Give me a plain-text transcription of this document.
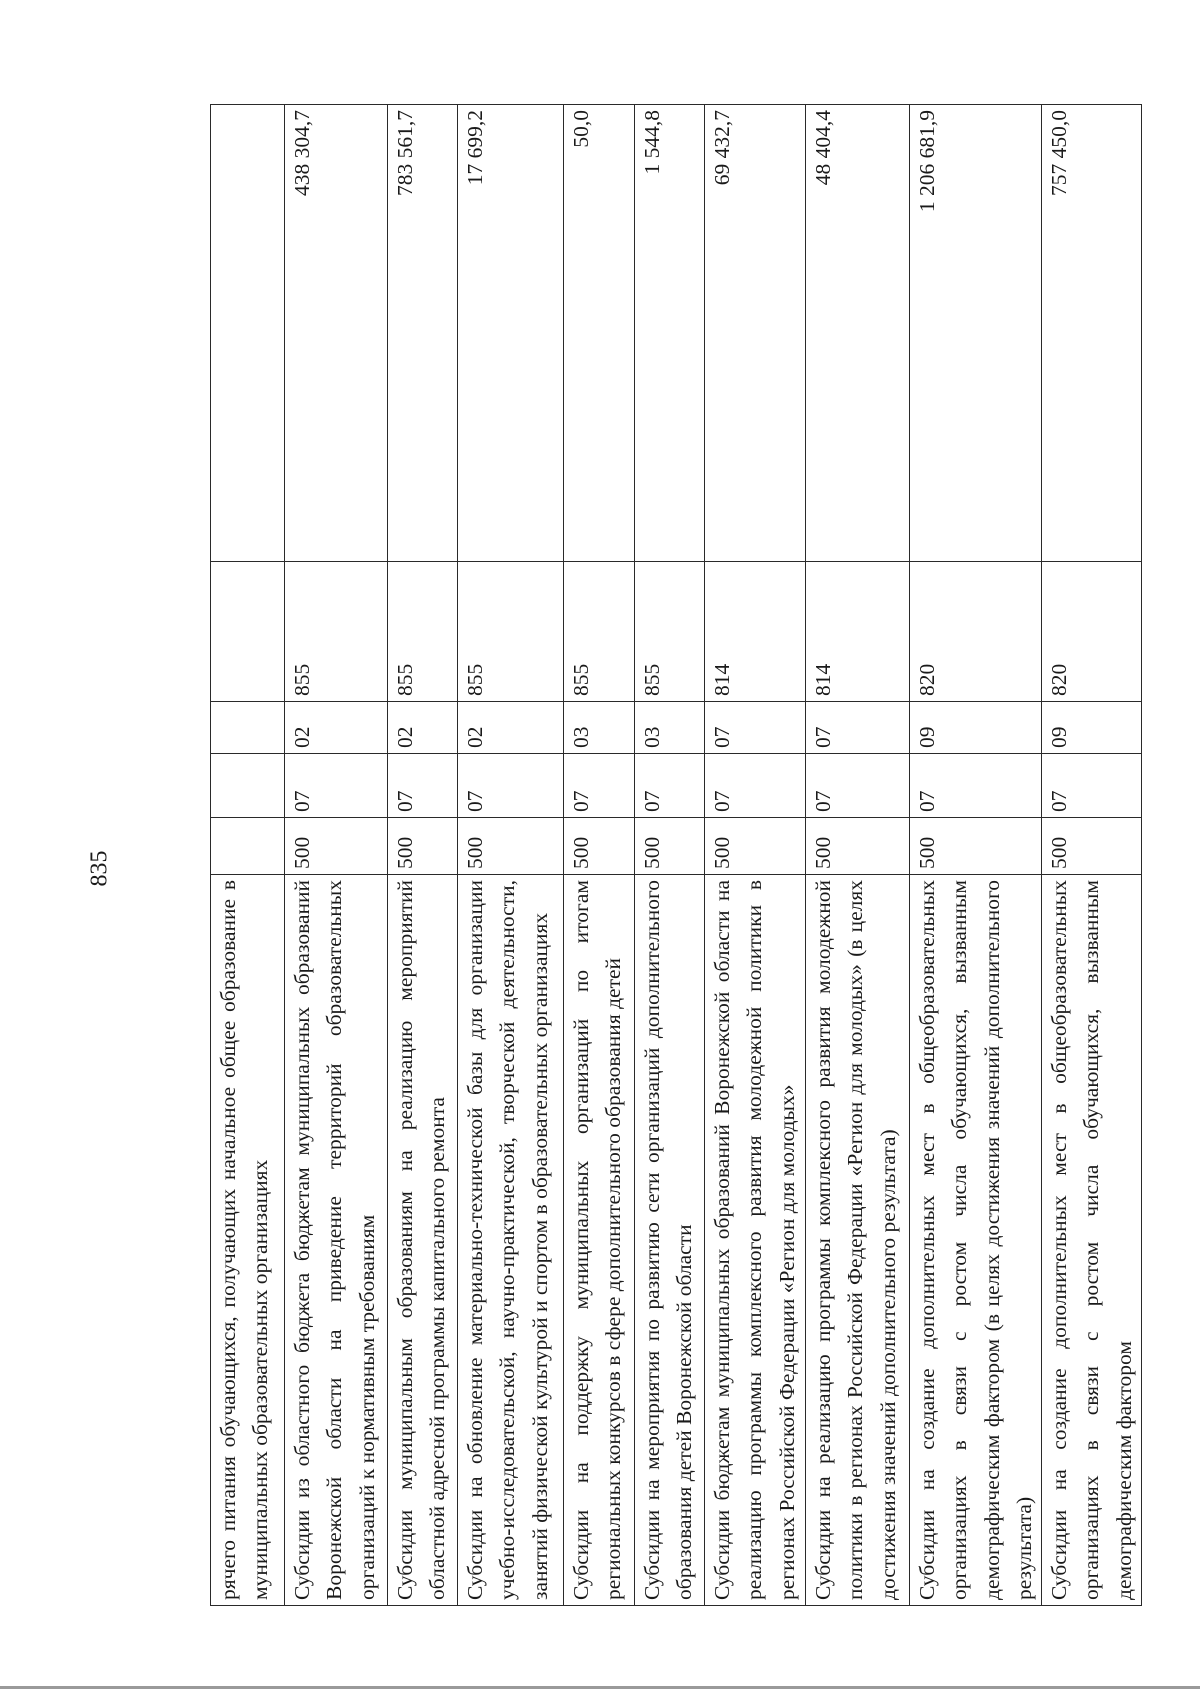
835
рячего питания обучающихся, получающих начальное общее образование в муниципальных образовательных организациях					
Субсидии из областного бюджета бюджетам муниципальных образований Воронежской области на приведение территорий образовательных организаций к нормативным требованиям	500	07	02	855	438 304,7
Субсидии муниципальным образованиям на реализацию мероприятий областной адресной программы капитального ремонта	500	07	02	855	783 561,7
Субсидии на обновление материально-технической базы для организации учебно-исследовательской, научно-практической, творческой деятельности, занятий физической культурой и спортом в образовательных организациях	500	07	02	855	17 699,2
Субсидии на поддержку муниципальных организаций по итогам региональных конкурсов в сфере дополнительного образования детей	500	07	03	855	50,0
Субсидии на мероприятия по развитию сети организаций дополнительного образования детей Воронежской области	500	07	03	855	1 544,8
Субсидии бюджетам муниципальных образований Воронежской области на реализацию программы комплексного развития молодежной политики в регионах Российской Федерации «Регион для молодых»	500	07	07	814	69 432,7
Субсидии на реализацию программы комплексного развития молодежной политики в регионах Российской Федерации «Регион для молодых» (в целях достижения значений дополнительного результата)	500	07	07	814	48 404,4
Субсидии на создание дополнительных мест в общеобразовательных организациях в связи с ростом числа обучающихся, вызванным демографическим фактором (в целях достижения значений дополнительного результата)	500	07	09	820	1 206 681,9
Субсидии на создание дополнительных мест в общеобразовательных организациях в связи с ростом числа обучающихся, вызванным демографическим фактором	500	07	09	820	757 450,0
